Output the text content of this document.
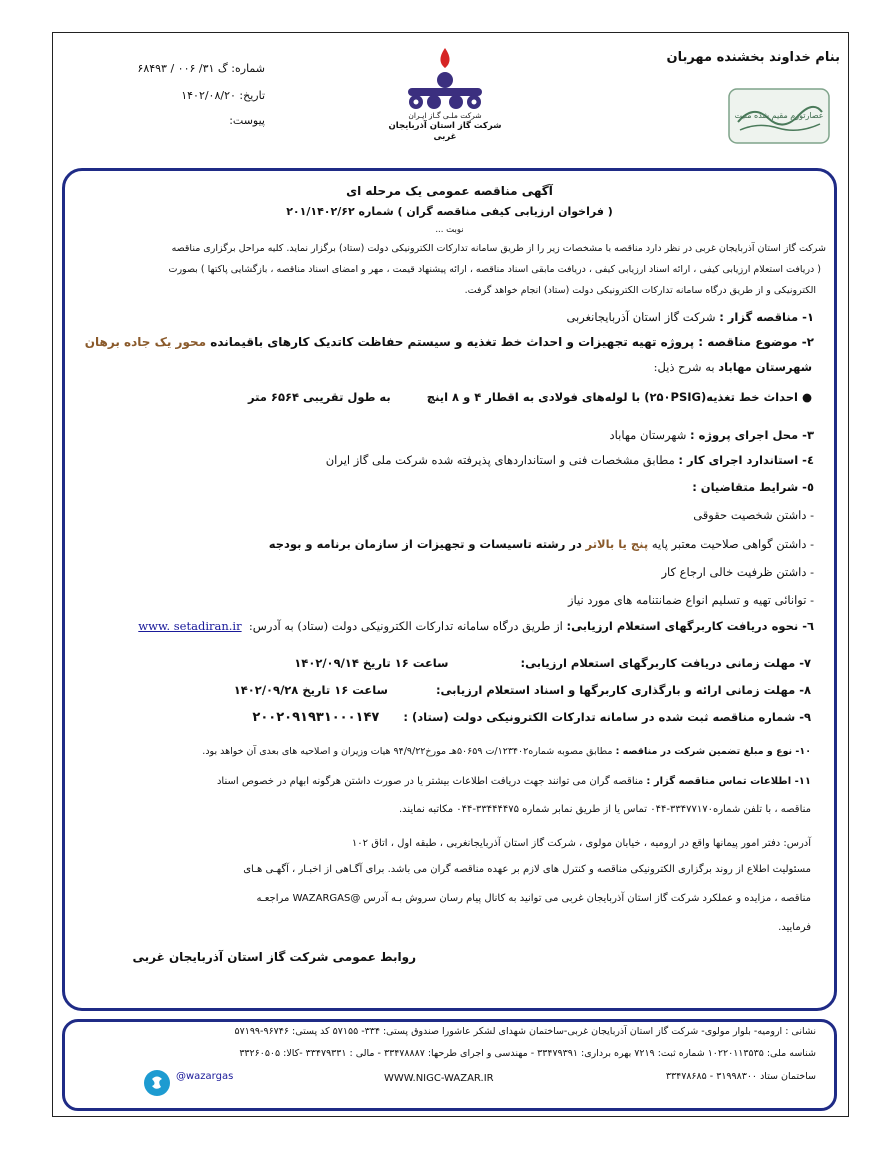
بنام خداوند بخشنده مهربان
عصارتوزم مقیم شده متیت
شرکت ملـی گـاز ایـران
شرکت گاز استان آذربایجان غربی
شماره: گ ۳۱/ ۰۰۶ / ۶۸۴۹۳
تاریخ: ۱۴۰۲/۰۸/۲۰
پیوست:
آگهی مناقصه عمومی یک مرحله ای
( فراخوان ارزیابی کیفی مناقصه گران ) شماره ۲۰۱/۱۴۰۲/۶۲
نوبت ...
شرکت گاز استان آذربایجان غربی در نظر دارد مناقصه با مشخصات زیر را از طریق سامانه تدارکات الکترونیکی دولت (ستاد) برگزار نماید. کلیه مراحل برگزاری مناقصه
( دریافت استعلام ارزیابی کیفی ، ارائه اسناد ارزیابی کیفی ، دریافت مابقی اسناد مناقصه ، ارائه پیشنهاد قیمت ، مهر و امضای اسناد مناقصه ، بازگشایی پاکتها ) بصورت
الکترونیکی و از طریق درگاه سامانه تدارکات الکترونیکی دولت (ستاد) انجام خواهد گرفت.
۱- مناقصه گزار : شرکت گاز استان آذربایجانغربی
۲- موضوع مناقصه : پروژه تهیه تجهیزات و احداث خط تغذیه و سیستم حفاظت کاتدیک کارهای باقیمانده محور یک جاده برهان
شهرستان مهاباد به شرح ذیل:
● احداث خط تغذیه(۲۵۰PSIG) با لوله‌های فولادی به اقطار ۴ و ۸ اینچ         به طول تقریبی ۶۵۶۴ متر
۳- محل اجرای پروژه : شهرستان مهاباد
٤- استاندارد اجرای کار : مطابق مشخصات فنی و استانداردهای پذیرفته شده شرکت ملی گاز ایران
٥- شرایط متقاضیان :
- داشتن شخصیت حقوقی
- داشتن گواهی صلاحیت معتبر پایه پنج یا بالاتر در رشته تاسیسات و تجهیزات از سازمان برنامه و بودجه
- داشتن ظرفیت خالی ارجاع کار
- توانائی تهیه و تسلیم انواع ضمانتنامه های مورد نیاز
٦- نحوه دریافت کاربرگهای استعلام ارزیابی: از طریق درگاه سامانه تدارکات الکترونیکی دولت (ستاد) به آدرس:  www. setadiran.ir
۷- مهلت زمانی دریافت کاربرگهای استعلام ارزیابی:                  ساعت ۱۶ تاریخ ۱۴۰۲/۰۹/۱۴
۸- مهلت زمانی ارائه و بارگذاری کاربرگها و اسناد استعلام ارزیابی:            ساعت ۱۶ تاریخ ۱۴۰۲/۰۹/۲۸
۹- شماره مناقصه ثبت شده در سامانه تدارکات الکترونیکی دولت (ستاد) :      ۲۰۰۲۰۹۱۹۳۱۰۰۰۱۴۷
۱۰- نوع و مبلغ تضمین شرکت در مناقصه : مطابق مصوبه شماره۱۲۳۴۰۲/ت ۵۰۶۵۹هـ مورخ۹۴/۹/۲۲ هیات وزیران و اصلاحیه های بعدی آن خواهد بود.
۱۱- اطلاعات تماس مناقصه گزار : مناقصه گران می توانند جهت دریافت اطلاعات بیشتر یا در صورت داشتن هرگونه ابهام در خصوص اسناد
مناقصه ، با تلفن شماره۳۳۴۷۷۱۷۰-۰۴۴ تماس یا از طریق نمابر شماره ۳۳۴۴۴۴۷۵-۰۴۴ مکاتبه نمایند.
آدرس: دفتر امور پیمانها واقع در ارومیه ، خیابان مولوی ، شرکت گاز استان آذربایجانغربی ، طبقه اول ، اتاق ۱۰۲
مسئولیت اطلاع از روند برگزاری الکترونیکی مناقصه و کنترل های لازم بر عهده مناقصه گران می باشد. برای آگـاهی از اخبـار ، آگهـی هـای
مناقصه ، مزایده و عملکرد شرکت گاز استان آذربایجان غربی می توانید به کانال پیام رسان سروش بـه آدرس @WAZARGAS مراجعـه
فرمایید.
روابط عمومی شرکت گاز استان آذربایجان غربی
نشانی : ارومیه- بلوار مولوی- شرکت گاز استان آذربایجان غربی-ساختمان شهدای لشکر عاشورا صندوق پستی: ۳۳۴- ۵۷۱۵۵ کد پستی: ۹۶۷۴۶-۵۷۱۹۹
شناسه ملی: ۱۰۲۲۰۱۱۳۵۳۵ شماره ثبت: ۷۲۱۹ بهره برداری: ۳۳۴۷۹۳۹۱ - مهندسی و اجرای طرحها: ۳۳۴۷۸۸۸۷ - مالی : ۳۳۴۷۹۳۳۱ -کالا: ۳۳۲۶۰۵۰۵
ساختمان ستاد ۳۱۹۹۸۳۰۰ - ۳۳۴۷۸۶۸۵
WWW.NIGC-WAZAR.IR
@wazargas
